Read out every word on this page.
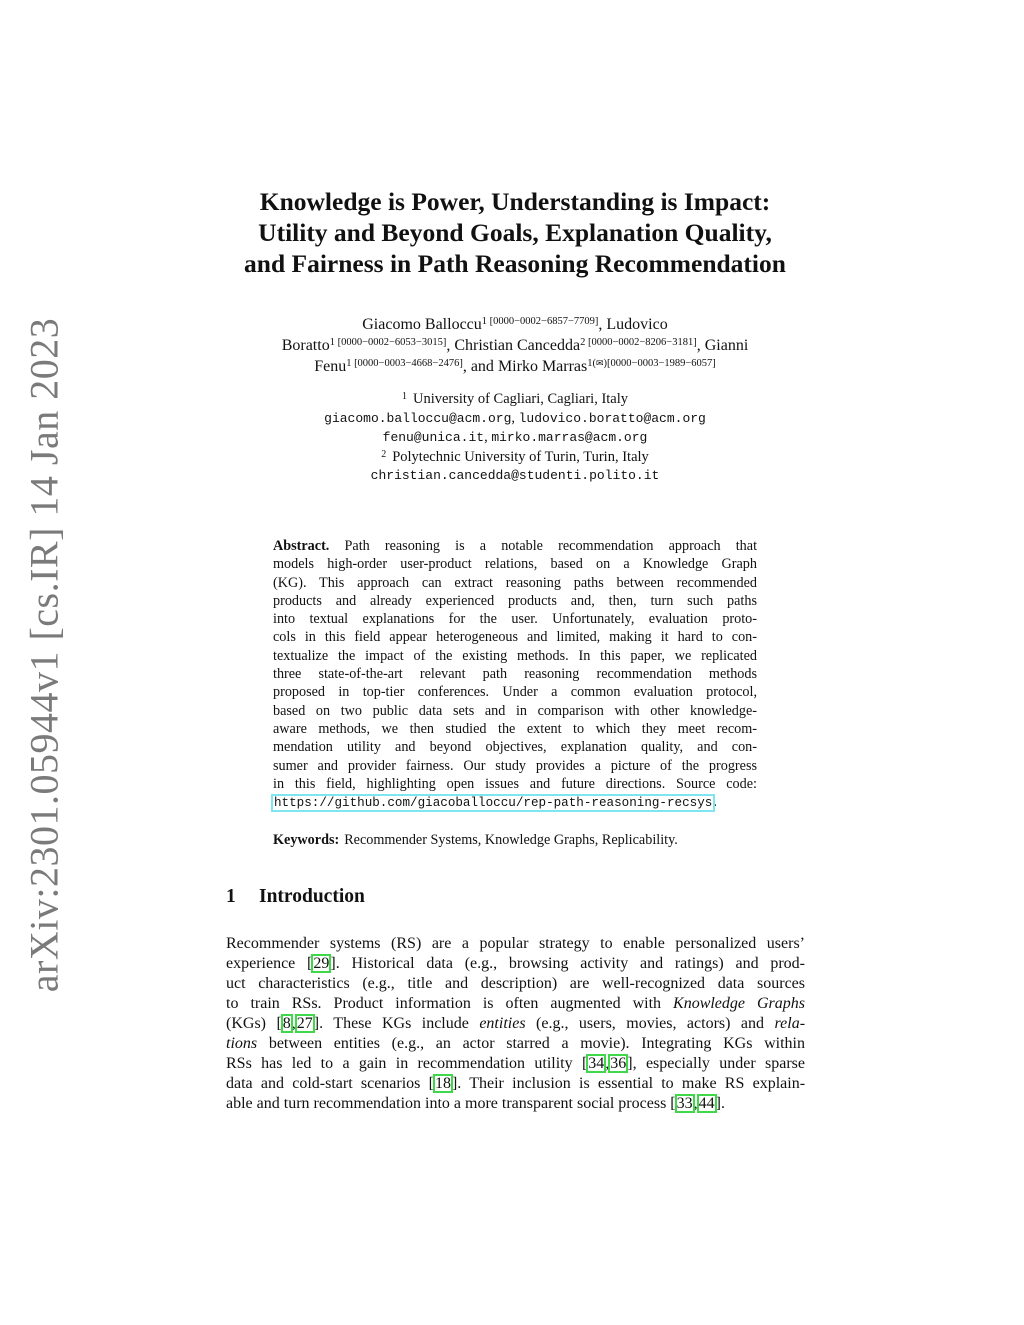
arXiv:2301.05944v1 [cs.IR] 14 Jan 2023
Knowledge is Power, Understanding is Impact:
Utility and Beyond Goals, Explanation Quality,
and Fairness in Path Reasoning Recommendation
Giacomo Balloccu$^{1 [0000-0002-6857-7709]}$, Ludovico
Boratto$^{1 [0000-0002-6053-3015]}$, Christian Cancedda$^{2 [0000-0002-8206-3181]}$, Gianni
Fenu$^{1 [0000-0003-4668-2476]}$, and Mirko Marras$^{1(✉)[0000-0003-1989-6057]}$
$^1$ University of Cagliari, Cagliari, Italy
giacomo.balloccu@acm.org, ludovico.boratto@acm.org
fenu@unica.it, mirko.marras@acm.org
$^2$ Polytechnic University of Turin, Turin, Italy
christian.cancedda@studenti.polito.it
Abstract. Path reasoning is a notable recommendation approach that
models high-order user-product relations, based on a Knowledge Graph
(KG). This approach can extract reasoning paths between recommended
products and already experienced products and, then, turn such paths
into textual explanations for the user. Unfortunately, evaluation proto-
cols in this field appear heterogeneous and limited, making it hard to con-
textualize the impact of the existing methods. In this paper, we replicated
three state-of-the-art relevant path reasoning recommendation methods
proposed in top-tier conferences. Under a common evaluation protocol,
based on two public data sets and in comparison with other knowledge-
aware methods, we then studied the extent to which they meet recom-
mendation utility and beyond objectives, explanation quality, and con-
sumer and provider fairness. Our study provides a picture of the progress
in this field, highlighting open issues and future directions. Source code:
https://github.com/giacoballoccu/rep-path-reasoning-recsys.
Keywords: Recommender Systems, Knowledge Graphs, Replicability.
1 Introduction
Recommender systems (RS) are a popular strategy to enable personalized users’
experience [29]. Historical data (e.g., browsing activity and ratings) and prod-
uct characteristics (e.g., title and description) are well-recognized data sources
to train RSs. Product information is often augmented with Knowledge Graphs
(KGs) [8,27]. These KGs include entities (e.g., users, movies, actors) and rela-
tions between entities (e.g., an actor starred a movie). Integrating KGs within
RSs has led to a gain in recommendation utility [34,36], especially under sparse
data and cold-start scenarios [18]. Their inclusion is essential to make RS explain-
able and turn recommendation into a more transparent social process [33,44].
